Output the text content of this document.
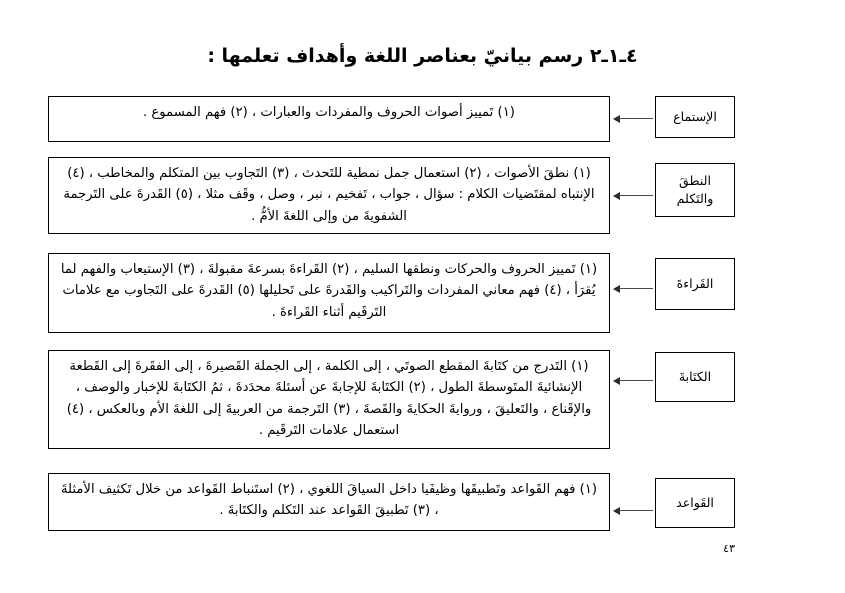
٤ـ١ـ٢ رسم بيانيّ بعناصر اللغة وأهداف تعلمها :
(١) تَمييز أصوات الحروف والمفردات والعبارات ، (٢) فهم المسموع .	الإستماع
(١) نطقَ الأصوات ، (٢) استعمال جمل نمطية للتَحدث ، (٣) التَجاوب بين المتكلم والمخاطب ، (٤) الإنتباه لمقتَضيات الكلام : سؤال ، جواب ، تَفخيم ، نبر ، وصل ، وقَف مثلا ، (٥) القَدرةَ على التَرجمة الشفويةَ من وإلى اللغةَ الأمُّ .
النطقَ
والتَكلم
(١) تَمييز الحروف والحركات ونطقها السليم ، (٢) القَراءةَ بسرعةَ مقبولةَ ، (٣) الإستيعاب والفهم لما يُقرَأ ، (٤) فهم معاني المفردات والتَراكيب والقَدرةَ على تَحليلها (٥) القَدرةَ على التَجاوب مع علامات التَرقَيم أثناء القَراءةَ .
القَراءةَ
(١) التَدرج من كتَابةَ المقطع الصوتَي ، إلى الكلمة ، إلى الجملة القَصيرةَ ، إلى الفقَرةَ إلى القَطعة الإنشائيةَ المتَوسطةَ الطول ، (٢) الكتَابةَ للإجابةَ عن أسئلةَ محدَدةَ ، ثمُ الكتَابةَ للإخبار والوصف ، والإقَناع ، والتَعليقَ ، وروايةَ الحكايةَ والقَصةَ ، (٣) التَرجمة من العربيةَ إلى اللغةَ الأم وبالعكس ، (٤) استعمال علامات التَرقَيم .
الكتَابةَ
(١) فهم القَواعد وتَطبيقَها وظيفَيا داخل السياقَ اللغوي ، (٢) استَنباط القَواعد من خلال تَكثيف الأمثلةَ ، (٣) تَطبيقَ القَواعد عند التَكلم والكتَابةَ .
القَواعد
٤٣
